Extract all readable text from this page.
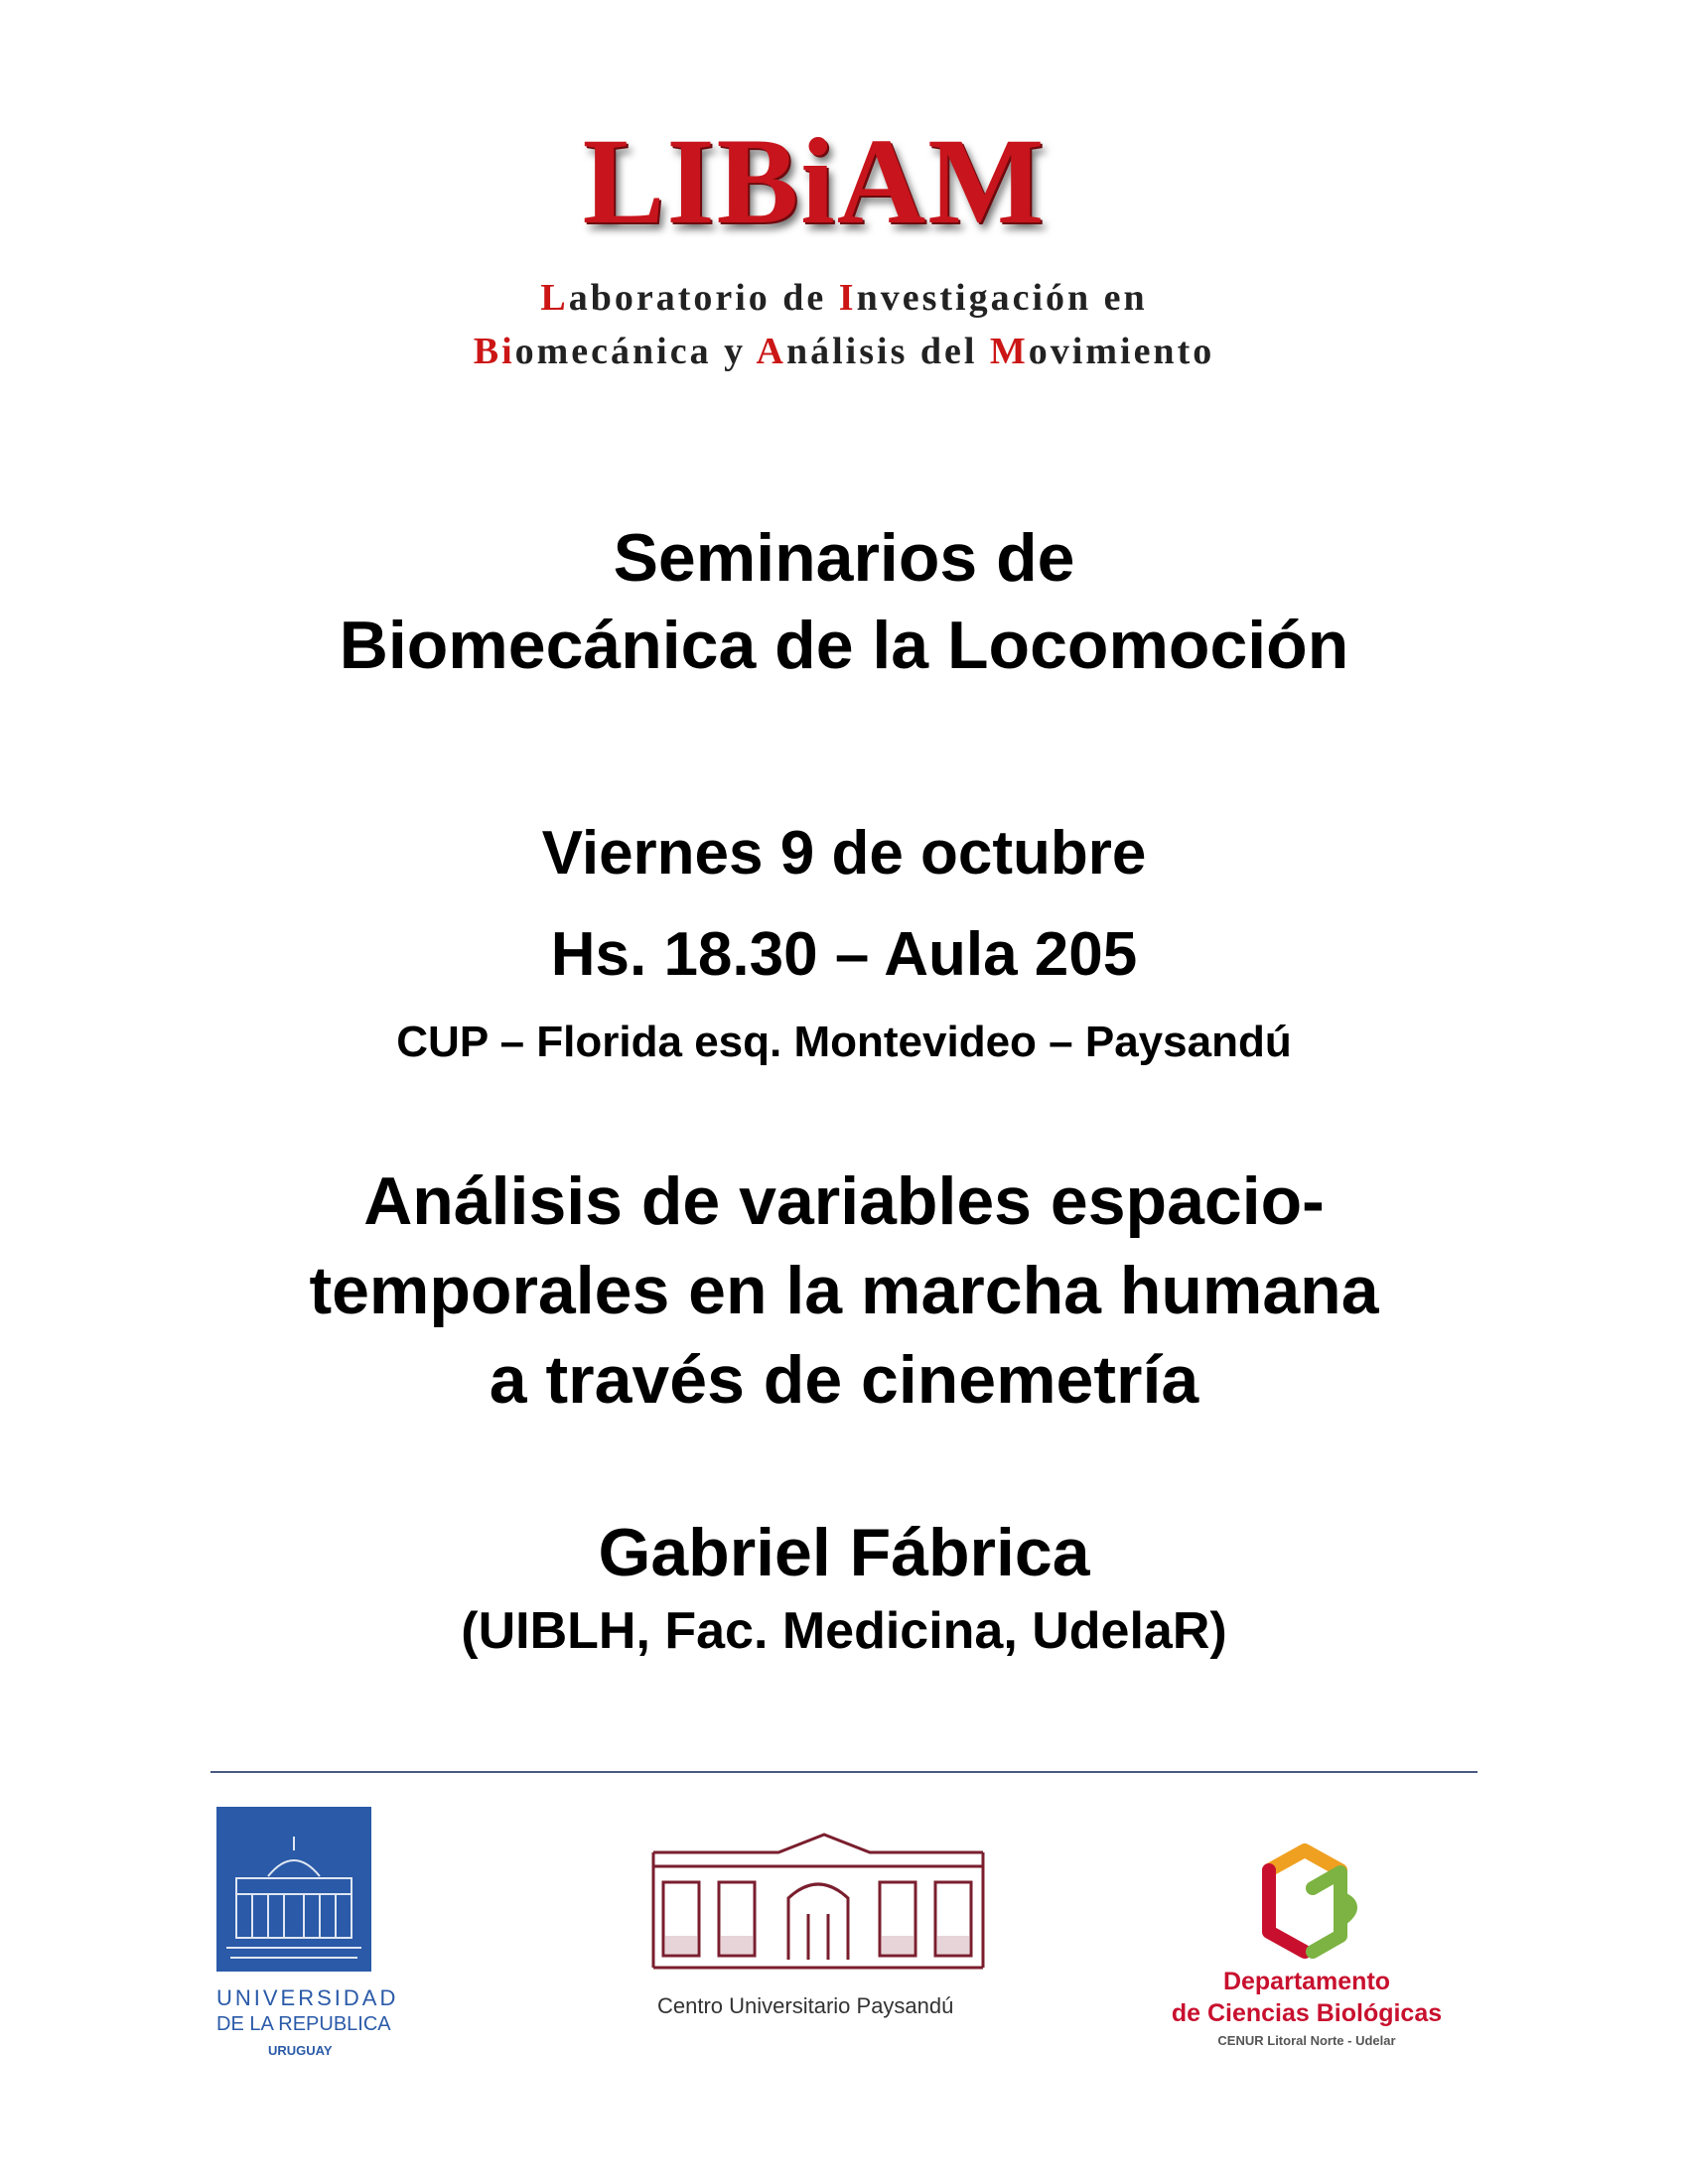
LIBiAM
Laboratorio de Investigación en
Biomecánica y Análisis del Movimiento
Seminarios de
Biomecánica de la Locomoción
Viernes 9 de octubre
Hs. 18.30 – Aula 205
CUP – Florida esq. Montevideo – Paysandú
Análisis de variables espacio-
temporales en la marcha humana
a través de cinemetría
Gabriel Fábrica
(UIBLH, Fac. Medicina, UdelaR)
UNIVERSIDAD
DE LA REPUBLICA
URUGUAY
Centro Universitario Paysandú
Departamento
de Ciencias Biológicas
CENUR Litoral Norte - Udelar
